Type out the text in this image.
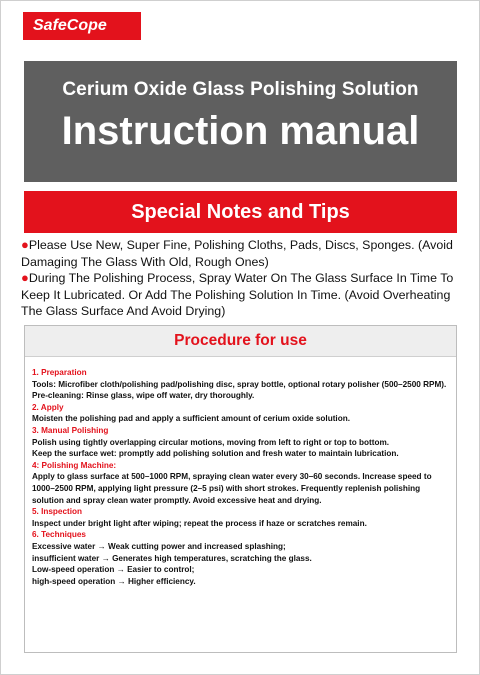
SafeCope
Cerium Oxide Glass Polishing Solution
Instruction manual
Special Notes and Tips

●Please Use New, Super Fine, Polishing Cloths, Pads, Discs, Sponges. (Avoid Damaging The Glass With Old, Rough Ones)

●During The Polishing Process, Spray Water On The Glass Surface In Time To Keep It Lubricated. Or Add The Polishing Solution In Time. (Avoid Overheating The Glass Surface And Avoid Drying)

Procedure for use
1. Preparation
Tools: Microfiber cloth/polishing pad/polishing disc, spray bottle, optional rotary polisher (500–2500 RPM).
Pre-cleaning: Rinse glass, wipe off water, dry thoroughly.
2. Apply
Moisten the polishing pad and apply a sufficient amount of cerium oxide solution.
3. Manual Polishing
Polish using tightly overlapping circular motions, moving from left to right or top to bottom.
Keep the surface wet: promptly add polishing solution and fresh water to maintain lubrication.
4: Polishing Machine:
Apply to glass surface at 500–1000 RPM, spraying clean water every 30–60 seconds. Increase speed to 1000–2500 RPM, applying light pressure (2–5 psi) with short strokes. Frequently replenish polishing solution and spray clean water promptly. Avoid excessive heat and drying.
5. Inspection
Inspect under bright light after wiping; repeat the process if haze or scratches remain.
6. Techniques
Excessive water → Weak cutting power and increased splashing;
insufficient water → Generates high temperatures, scratching the glass.
Low-speed operation → Easier to control;
high-speed operation → Higher efficiency.
